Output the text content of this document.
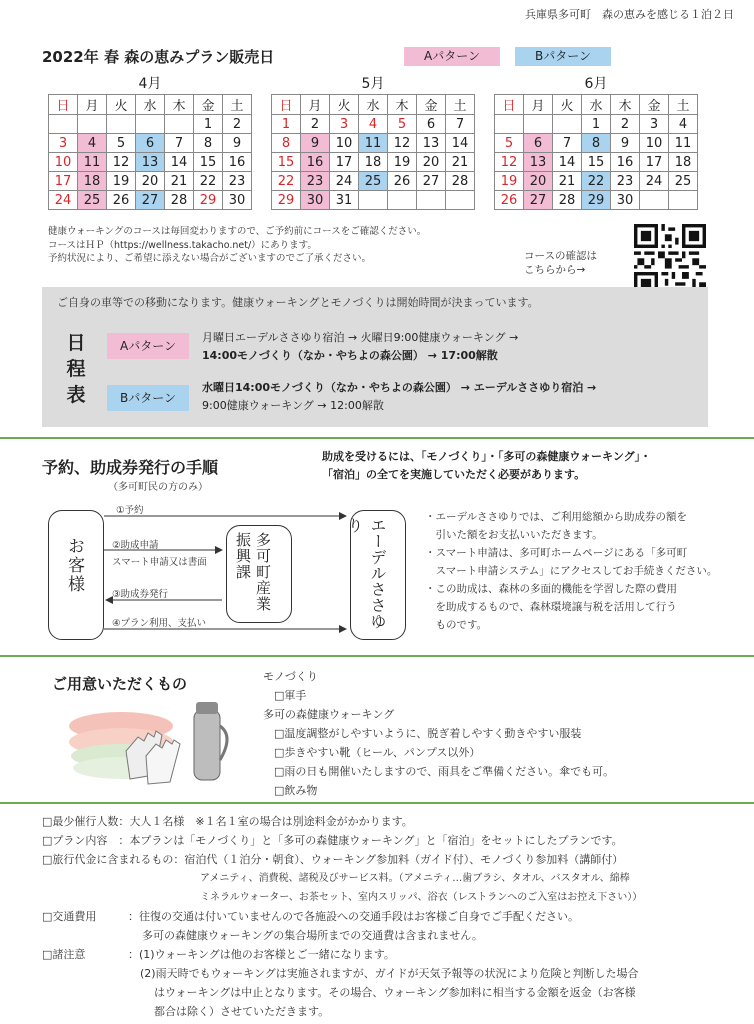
兵庫県多可町　森の恵みを感じる１泊２日
2022年 春 森の恵みプラン販売日	Aパターン	Bパターン
4月
日	月	火	水	木	金	土
					1	2
3	4	5	6	7	8	9
10	11	12	13	14	15	16
17	18	19	20	21	22	23
24	25	26	27	28	29	30
5月
日	月	火	水	木	金	土
1	2	3	4	5	6	7
8	9	10	11	12	13	14
15	16	17	18	19	20	21
22	23	24	25	26	27	28
29	30	31				
6月
日	月	火	水	木	金	土
			1	2	3	4
5	6	7	8	9	10	11
12	13	14	15	16	17	18
19	20	21	22	23	24	25
26	27	28	29	30		
健康ウォーキングのコースは毎回変わりますので、ご予約前にコースをご確認ください。
コースはＨＰ（https://wellness.takacho.net/）にあります。
予約状況により、ご希望に添えない場合がございますのでご了承ください。	コースの確認は
こちらから→
ご自身の車等での移動になります。健康ウォーキングとモノづくりは開始時間が決まっています。
日程表
Aパターン
月曜日エーデルささゆり宿泊 → 火曜日9:00健康ウォーキング →
14:00モノづくり（なか・やちよの森公園） → 17:00解散
Bパターン
水曜日14:00モノづくり（なか・やちよの森公園） → エーデルささゆり宿泊 →
9:00健康ウォーキング → 12:00解散
予約、助成券発行の手順
（多可町民の方のみ）
助成を受けるには、「モノづくり」・「多可の森健康ウォーキング」・
「宿泊」の全てを実施していただく必要があります。
お客様	多可町産業振興課	エーデルささゆり
①予約
②助成申請
スマート申請又は書面
③助成券発行
④プラン利用、支払い
・エーデルささゆりでは、ご利用総額から助成券の額を
　引いた額をお支払いいただきます。
・スマート申請は、多可町ホームページにある「多可町
　スマート申請システム」にアクセスしてお手続きください。
・この助成は、森林の多面的機能を学習した際の費用
　を助成するもので、森林環境譲与税を活用して行う
　ものです。
ご用意いただくもの	モノづくり
　□軍手
多可の森健康ウォーキング
　□温度調整がしやすいように、脱ぎ着しやすく動きやすい服装
　□歩きやすい靴（ヒール、パンプス以外）
　□雨の日も開催いたしますので、雨具をご準備ください。傘でも可。
　□飲み物
□最少催行人数：大人１名様　※１名１室の場合は別途料金がかかります。
□プラン内容　：本プランは「モノづくり」と「多可の森健康ウォーキング」と「宿泊」をセットにしたプランです。
□旅行代金に含まれるもの：宿泊代（１泊分・朝食）、ウォーキング参加料（ガイド付）、モノづくり参加料（講師付）
アメニティ、消費税、諸税及びサービス料。（アメニティ…歯ブラシ、タオル、バスタオル、綿棒
ミネラルウォーター、お茶セット、室内スリッパ、浴衣（レストランへのご入室はお控え下さい））
□交通費用	：往復の交通は付いていませんので各施設への交通手段はお客様ご自身でご手配ください。
多可の森健康ウォーキングの集合場所までの交通費は含まれません。
□諸注意	：(1)ウォーキングは他のお客様とご一緒になります。
(2)雨天時でもウォーキングは実施されますが、ガイドが天気予報等の状況により危険と判断した場合
はウォーキングは中止となります。その場合、ウォーキング参加料に相当する金額を返金（お客様
都合は除く）させていただきます。
